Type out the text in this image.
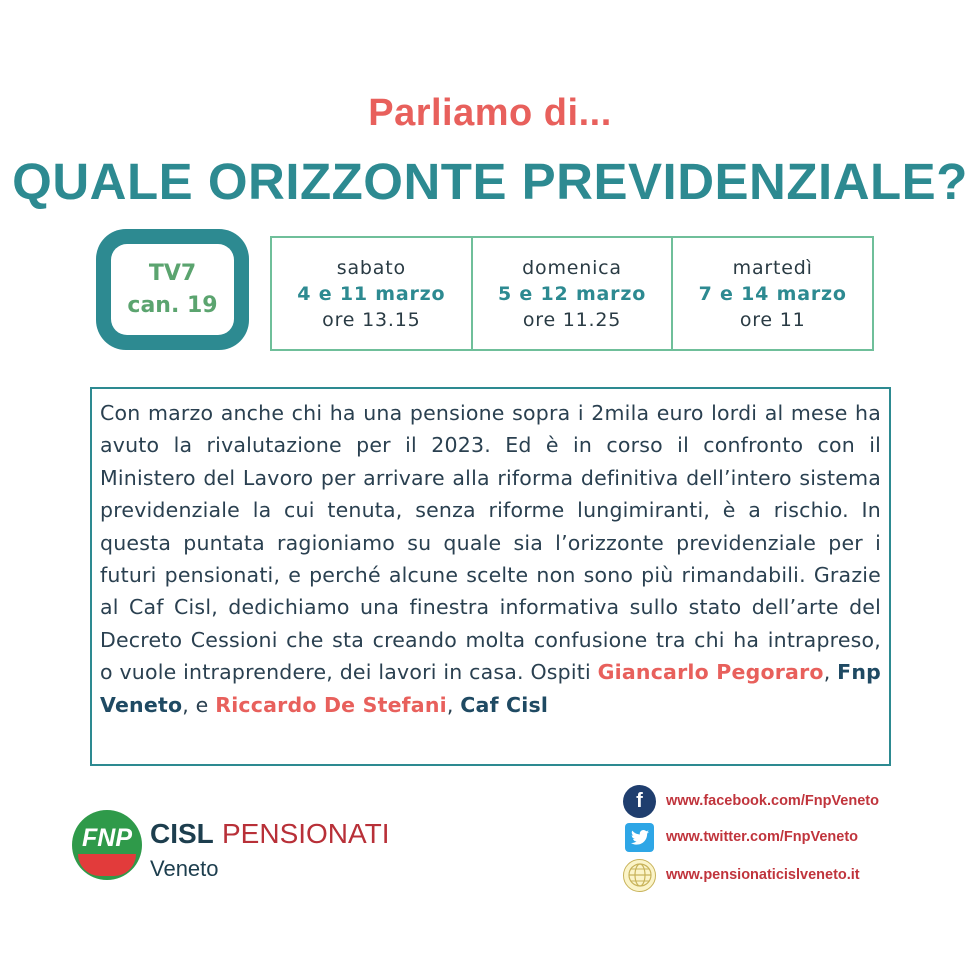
Parliamo di...
QUALE ORIZZONTE PREVIDENZIALE?
TV7
can. 19
sabato
4 e 11 marzo
ore 13.15
domenica
5 e 12 marzo
ore 11.25
martedì
7 e 14 marzo
ore 11
Con marzo anche chi ha una pensione sopra i 2mila euro lordi al mese ha avuto la rivalutazione per il 2023. Ed è in corso il confronto con il Ministero del Lavoro per arrivare alla riforma definitiva dell’intero sistema previdenziale la cui tenuta, senza riforme lungimiranti, è a rischio. In questa puntata ragioniamo su quale sia l’orizzonte previdenziale per i futuri pensionati, e perché alcune scelte non sono più rimandabili. Grazie al Caf Cisl, dedichiamo una finestra informativa sullo stato dell’arte del Decreto Cessioni che sta creando molta confusione tra chi ha intrapreso, o vuole intraprendere, dei lavori in casa. Ospiti Giancarlo Pegoraro, Fnp Veneto, e Riccardo De Stefani, Caf Cisl
FNP CISL PENSIONATI
Veneto
f	www.facebook.com/FnpVeneto
www.twitter.com/FnpVeneto
www.pensionaticislveneto.it
